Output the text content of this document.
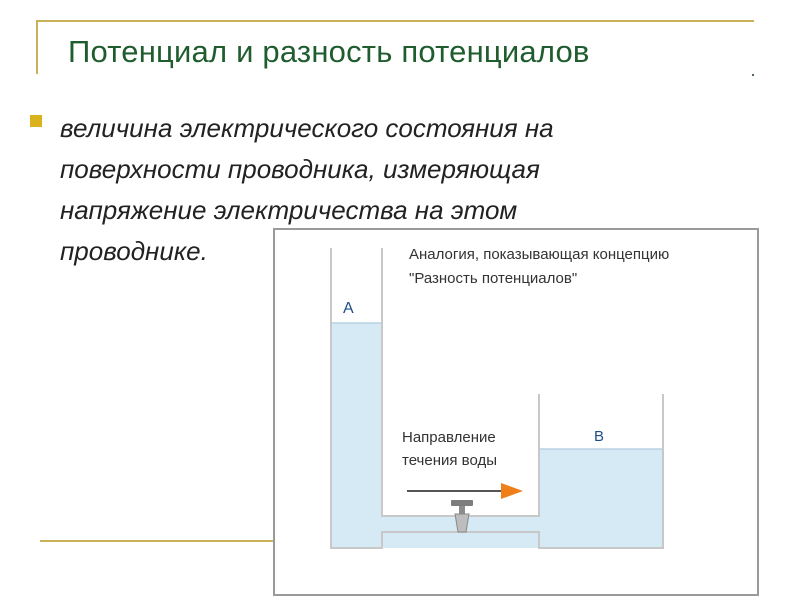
Потенциал и разность потенциалов
величина электрического состояния на
поверхности проводника, измеряющая
напряжение электричества на этом
проводнике.	Аналогия, показывающая концепцию
"Разность потенциалов"
A
B
Направление
течения воды
